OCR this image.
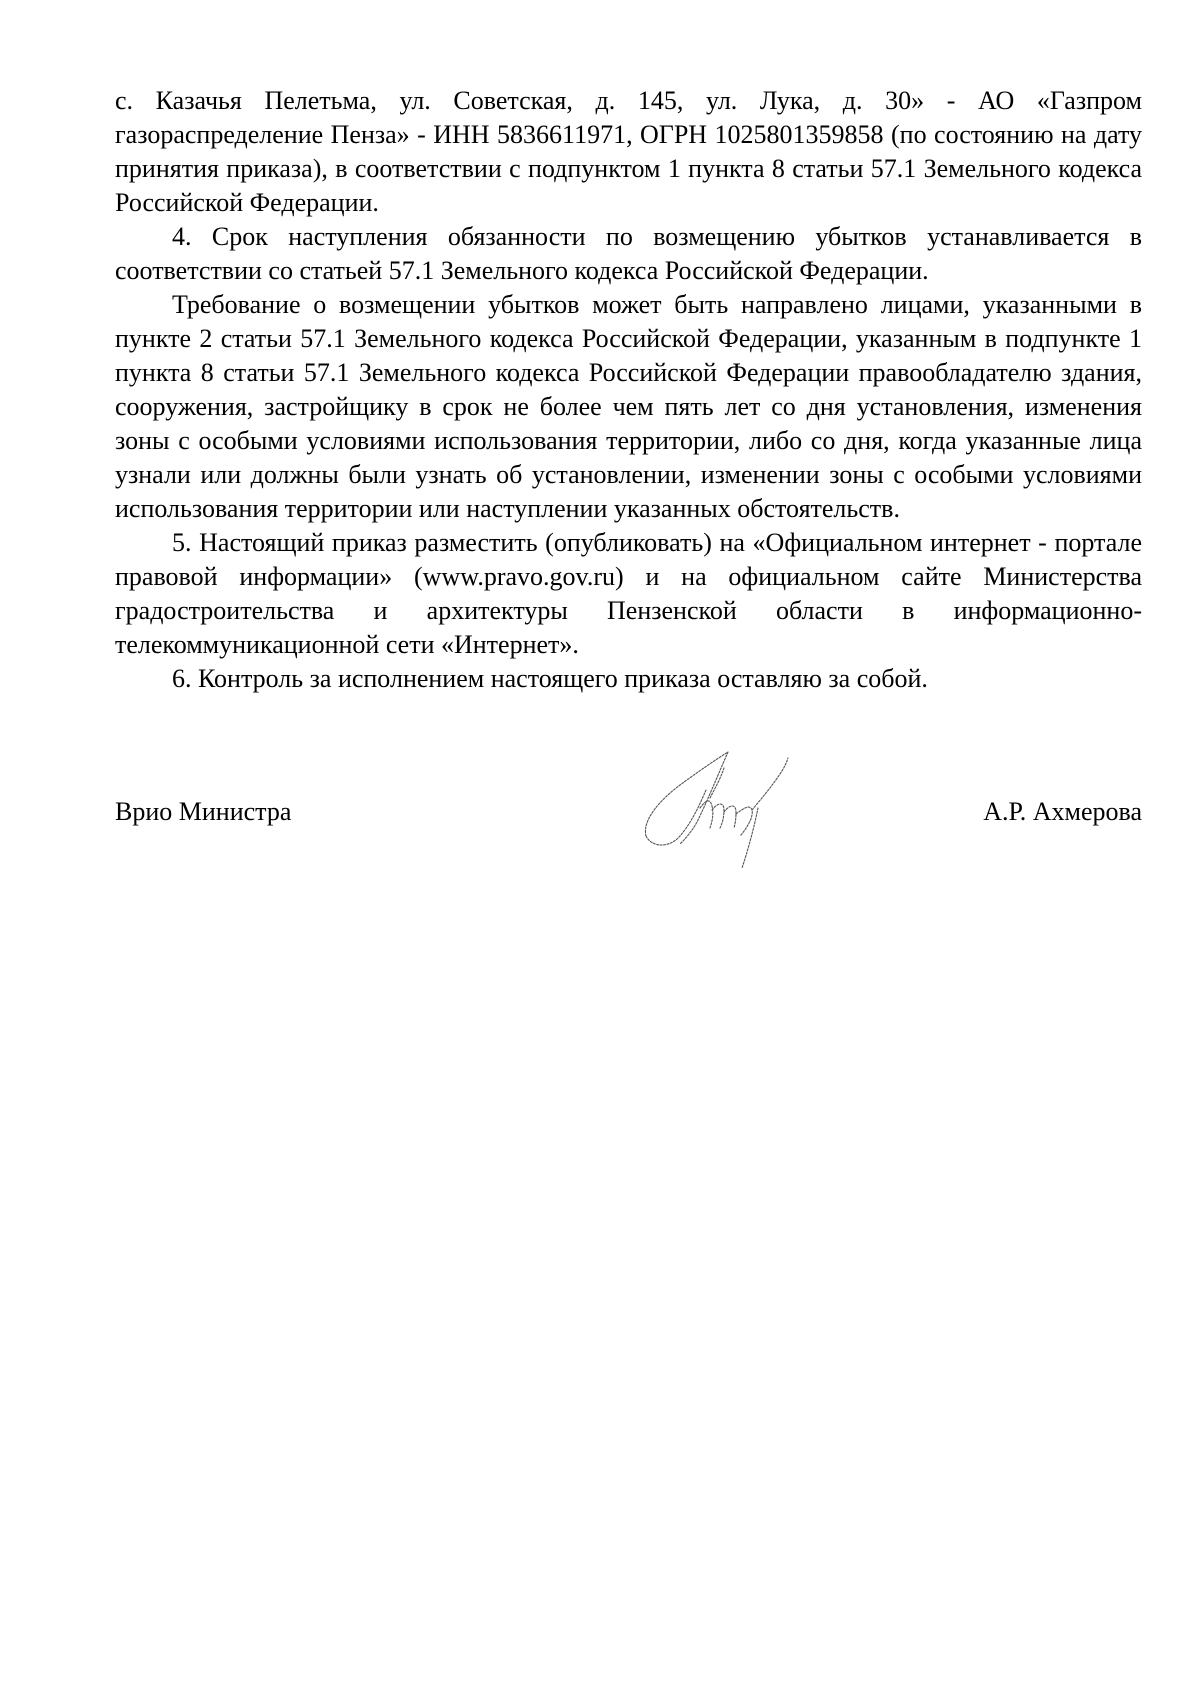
с. Казачья Пелетьма, ул. Советская, д. 145, ул. Лука, д. 30» - АО «Газпром газораспределение Пенза» - ИНН 5836611971, ОГРН 1025801359858 (по состоянию на дату принятия приказа), в соответствии с подпунктом 1 пункта 8 статьи 57.1 Земельного кодекса Российской Федерации.

4. Срок наступления обязанности по возмещению убытков устанавливается в соответствии со статьей 57.1 Земельного кодекса Российской Федерации.

Требование о возмещении убытков может быть направлено лицами, указанными в пункте 2 статьи 57.1 Земельного кодекса Российской Федерации, указанным в подпункте 1 пункта 8 статьи 57.1 Земельного кодекса Российской Федерации правообладателю здания, сооружения, застройщику в срок не более чем пять лет со дня установления, изменения зоны с особыми условиями использования территории, либо со дня, когда указанные лица узнали или должны были узнать об установлении, изменении зоны с особыми условиями использования территории или наступлении указанных обстоятельств.

5. Настоящий приказ разместить (опубликовать) на «Официальном интернет - портале правовой информации» (www.pravo.gov.ru) и на официальном сайте Министерства градостроительства и архитектуры Пензенской области в информационно-телекоммуникационной сети «Интернет».

6. Контроль за исполнением настоящего приказа оставляю за собой.

Врио Министра	А.Р. Ахмерова
